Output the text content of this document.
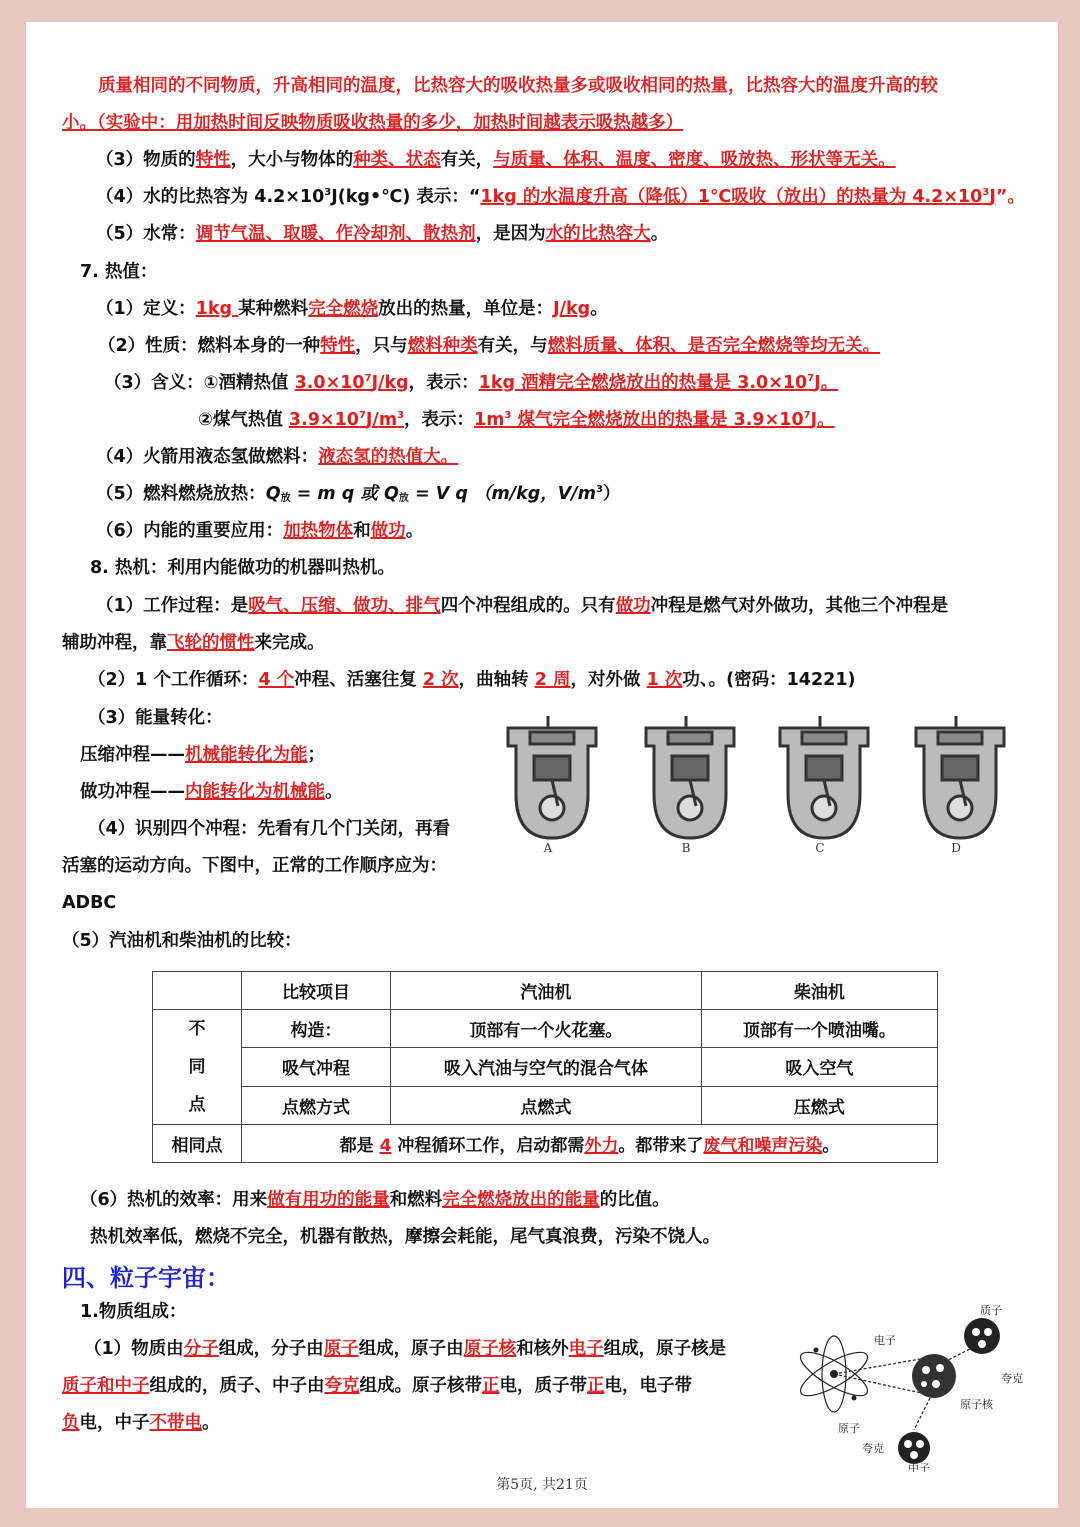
质量相同的不同物质，升高相同的温度，比热容大的吸收热量多或吸收相同的热量，比热容大的温度升高的较
小。（实验中：用加热时间反映物质吸收热量的多少，加热时间越表示吸热越多）
（3）物质的特性，大小与物体的种类、状态有关，与质量、体积、温度、密度、吸放热、形状等无关。
（4）水的比热容为 $4.2\times 10^3J(kg•℃)$ 表示：“1kg 的水温度升高（降低）1℃吸收（放出）的热量为 $4.2\times 10^3J$”。
（5）水常：调节气温、取暖、作冷却剂、散热剂，是因为水的比热容大。
7. 热值：
（1）定义：1kg 某种燃料完全燃烧放出的热量，单位是：J/kg。
（2）性质：燃料本身的一种特性，只与燃料种类有关，与燃料质量、体积、是否完全燃烧等均无关。
（3）含义：①酒精热值 $3.0\times 10^7J/kg$，表示：1kg 酒精完全燃烧放出的热量是 $3.0\times 10^7J$。
②煤气热值 $3.9\times 10^7J/m^3$，表示：$1m^3$ 煤气完全燃烧放出的热量是 $3.9\times 10^7J$。
（4）火箭用液态氢做燃料：液态氢的热值大。
（5）燃料燃烧放热：$Q_放 = m$ q 或 $Q_放 = V$ q （m/kg，$V/m^3$）
（6）内能的重要应用：加热物体和做功。
8. 热机：利用内能做功的机器叫热机。
（1）工作过程：是吸气、压缩、做功、排气四个冲程组成的。只有做功冲程是燃气对外做功，其他三个冲程是
辅助冲程，靠飞轮的惯性来完成。
（2）1 个工作循环：4 个冲程、活塞往复 2 次，曲轴转 2 周，对外做 1 次功、。(密码：14221)
（3）能量转化：
压缩冲程——机械能转化为能；
做功冲程——内能转化为机械能。
（4）识别四个冲程：先看有几个门关闭，再看
活塞的运动方向。下图中，正常的工作顺序应为：
ADBC
A	B	C	D
（5）汽油机和柴油机的比较：
	比较项目	汽油机	柴油机
不
同
点	构造：	顶部有一个火花塞。	顶部有一个喷油嘴。
	吸气冲程	吸入汽油与空气的混合气体	吸入空气
	点燃方式	点燃式	压燃式
相同点	都是 4 冲程循环工作，启动都需外力。都带来了废气和噪声污染。		
（6）热机的效率：用来做有用功的能量和燃料完全燃烧放出的能量的比值。
热机效率低，燃烧不完全，机器有散热，摩擦会耗能，尾气真浪费，污染不饶人。
四、粒子宇宙：
1.物质组成：
（1）物质由分子组成，分子由原子组成，原子由原子核和核外电子组成，原子核是
质子和中子组成的，质子、中子由夸克组成。原子核带正电，质子带正电，电子带
负电，中子不带电。
质子
电子
夸克
原子核
原子
夸克
中子
第5页, 共21页
